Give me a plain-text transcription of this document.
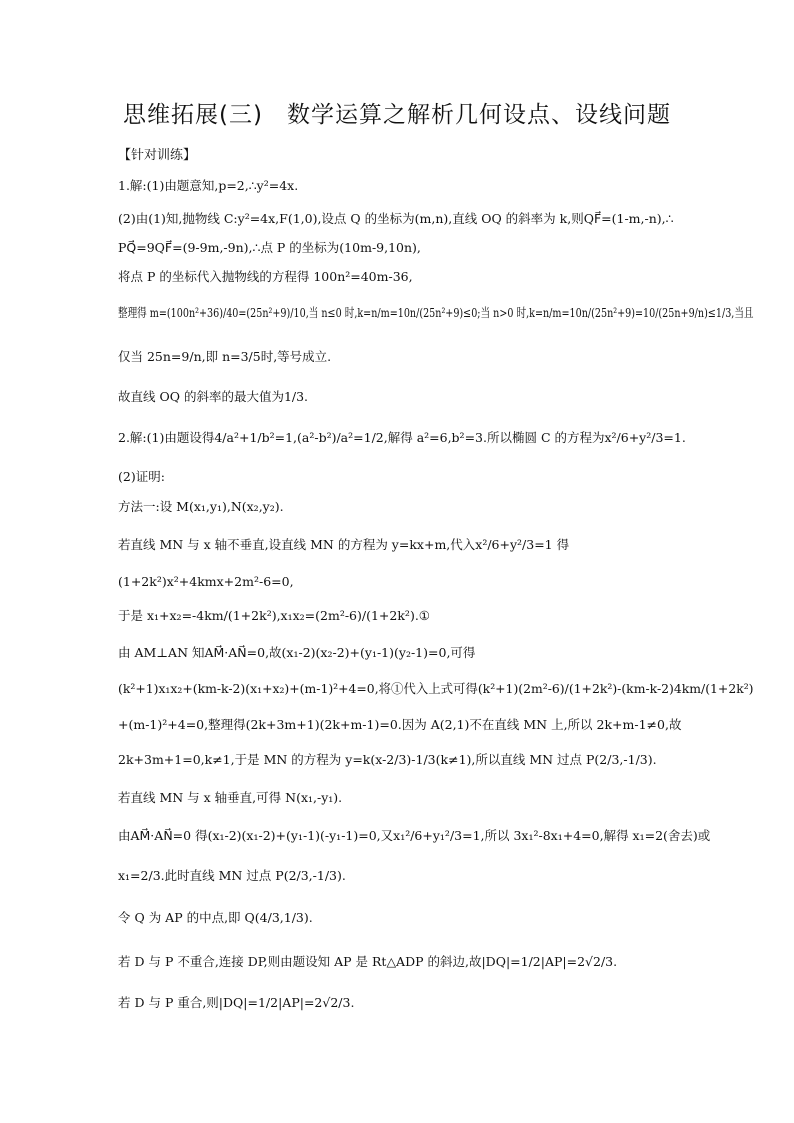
思维拓展(三)　数学运算之解析几何设点、设线问题
【针对训练】
1.解:(1)由题意知,p=2,∴y²=4x.
(2)由(1)知,抛物线 C:y²=4x,F(1,0),设点 Q 的坐标为(m,n),直线 OQ 的斜率为 k,则QF⃗=(1-m,-n),∴
PQ⃗=9QF⃗=(9-9m,-9n),∴点 P 的坐标为(10m-9,10n),
将点 P 的坐标代入抛物线的方程得 100n²=40m-36,
整理得 m=(100n²+36)/40=(25n²+9)/10,当 n≤0 时,k=n/m=10n/(25n²+9)≤0;当 n>0 时,k=n/m=10n/(25n²+9)=10/(25n+9/n)≤1/3,当且
仅当 25n=9/n,即 n=3/5时,等号成立.
故直线 OQ 的斜率的最大值为1/3.
2.解:(1)由题设得4/a²+1/b²=1,(a²-b²)/a²=1/2,解得 a²=6,b²=3.所以椭圆 C 的方程为x²/6+y²/3=1.
(2)证明:
方法一:设 M(x₁,y₁),N(x₂,y₂).
若直线 MN 与 x 轴不垂直,设直线 MN 的方程为 y=kx+m,代入x²/6+y²/3=1 得
(1+2k²)x²+4kmx+2m²-6=0,
于是 x₁+x₂=-4km/(1+2k²),x₁x₂=(2m²-6)/(1+2k²).①
由 AM⊥AN 知AM⃗·AN⃗=0,故(x₁-2)(x₂-2)+(y₁-1)(y₂-1)=0,可得
(k²+1)x₁x₂+(km-k-2)(x₁+x₂)+(m-1)²+4=0,将①代入上式可得(k²+1)(2m²-6)/(1+2k²)-(km-k-2)4km/(1+2k²)
+(m-1)²+4=0,整理得(2k+3m+1)(2k+m-1)=0.因为 A(2,1)不在直线 MN 上,所以 2k+m-1≠0,故
2k+3m+1=0,k≠1,于是 MN 的方程为 y=k(x-2/3)-1/3(k≠1),所以直线 MN 过点 P(2/3,-1/3).
若直线 MN 与 x 轴垂直,可得 N(x₁,-y₁).
由AM⃗·AN⃗=0 得(x₁-2)(x₁-2)+(y₁-1)(-y₁-1)=0,又x₁²/6+y₁²/3=1,所以 3x₁²-8x₁+4=0,解得 x₁=2(舍去)或
x₁=2/3.此时直线 MN 过点 P(2/3,-1/3).
令 Q 为 AP 的中点,即 Q(4/3,1/3).
若 D 与 P 不重合,连接 DP,则由题设知 AP 是 Rt△ADP 的斜边,故|DQ|=1/2|AP|=2√2/3.
若 D 与 P 重合,则|DQ|=1/2|AP|=2√2/3.
